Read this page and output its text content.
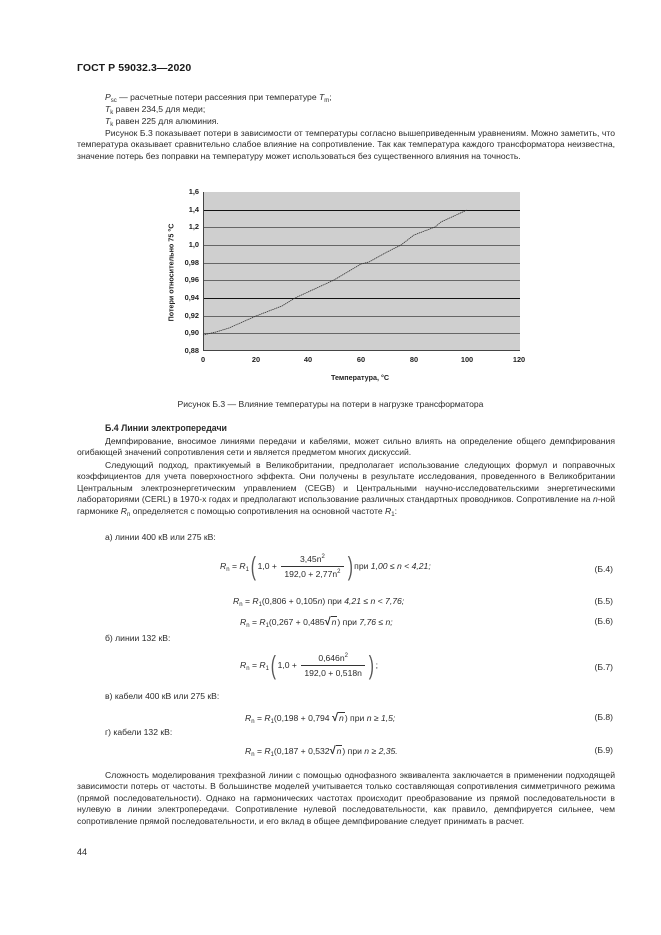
ГОСТ Р 59032.3—2020
$P_{sc}$ — расчетные потери рассеяния при температуре $T_m$;
$T_k$ равен 234,5 для меди;
$T_k$ равен 225 для алюминия.
Рисунок Б.3 показывает потери в зависимости от температуры согласно вышеприведенным уравнениям. Можно заметить, что температура оказывает сравнительно слабое влияние на сопротивление. Так как температура каждого трансформатора неизвестна, значение потерь без поправки на температуру может использоваться без существенного влияния на точность.
1,6
1,4
1,2
1,0
0,98
0,96
0,94
0,92
0,90
0,88
0	20	40	60	80	100	120
Потери относительно 75 °С
Температура, °С
Рисунок Б.3 — Влияние температуры на потери в нагрузке трансформатора
Б.4 Линии электропередачи
Демпфирование, вносимое линиями передачи и кабелями, может сильно влиять на определение общего демпфирования огибающей значений сопротивления сети и является предметом многих дискуссий.
Следующий подход, практикуемый в Великобритании, предполагает использование следующих формул и поправочных коэффициентов для учета поверхностного эффекта. Они получены в результате исследования, проведенного в Великобритании Центральным электроэнергетическим управлением (CEGB) и Центральными научно-исследовательскими энергетическими лабораториями (CERL) в 1970-х годах и предполагают использование различных стандартных проводников. Сопротивление на n-ной гармонике $R_n$ определяется с помощью сопротивления на основной частоте $R_1$:
а) линии 400 кВ или 275 кВ:
$R_n = R_1$( $1,0 + \frac{3,45n^2}{192,0 + 2,77n^2}$ ) при 1,00 ≤ n < 4,21;	(Б.4)
$R_n = R_1(0,806 + 0,105n)$ при 4,21 ≤ n < 7,76;	(Б.5)
$R_n = R_1(0,267 + 0,485√n)$ при 7,76 ≤ n;	(Б.6)
б) линии 132 кВ:
$R_n = R_1$( $1,0 + \frac{0,646n^2}{192,0 + 0,518n}$ ) ;	(Б.7)
в) кабели 400 кВ или 275 кВ:
$R_n = R_1(0,198 + 0,794$ √n) при n ≥ 1,5;	(Б.8)
г) кабели 132 кВ:
$R_n = R_1(0,187 + 0,532√n)$ при n ≥ 2,35.	(Б.9)
Сложность моделирования трехфазной линии с помощью однофазного эквивалента заключается в применении подходящей зависимости потерь от частоты. В большинстве моделей учитывается только составляющая сопротивления симметричного режима (прямой последовательности). Однако на гармонических частотах происходит преобразование из прямой последовательности в нулевую в линии электропередачи. Сопротивление нулевой последовательности, как правило, демпфируется сильнее, чем сопротивление прямой последовательности, и его вклад в общее демпфирование следует принимать в расчет.
44
